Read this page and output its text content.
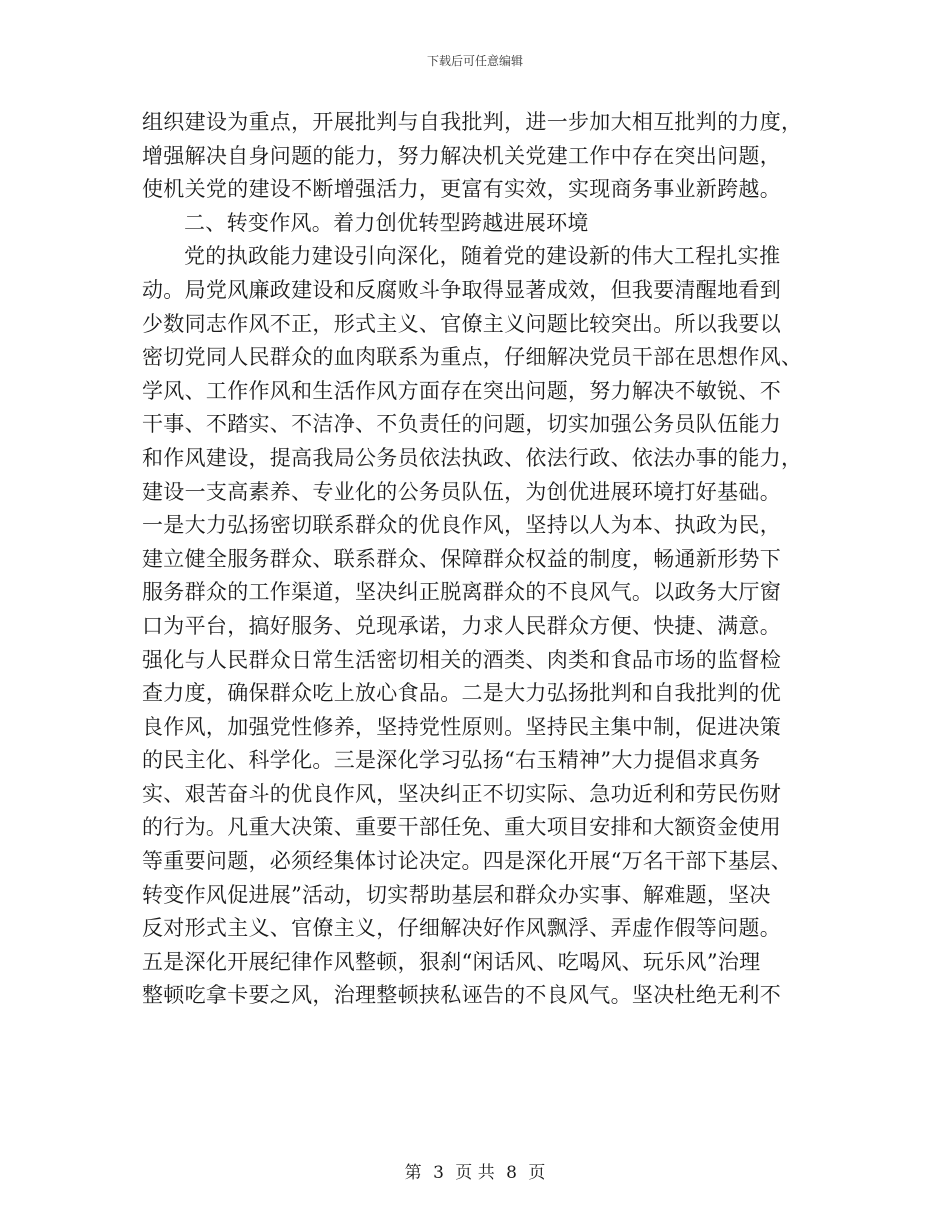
下载后可任意编辑
组织建设为重点，开展批判与自我批判，进一步加大相互批判的力度，
增强解决自身问题的能力，努力解决机关党建工作中存在突出问题，
使机关党的建设不断增强活力，更富有实效，实现商务事业新跨越。
二、转变作风。着力创优转型跨越进展环境
党的执政能力建设引向深化，随着党的建设新的伟大工程扎实推
动。局党风廉政建设和反腐败斗争取得显著成效，但我要清醒地看到
少数同志作风不正，形式主义、官僚主义问题比较突出。所以我要以
密切党同人民群众的血肉联系为重点，仔细解决党员干部在思想作风、
学风、工作作风和生活作风方面存在突出问题，努力解决不敏锐、不
干事、不踏实、不洁净、不负责任的问题，切实加强公务员队伍能力
和作风建设，提高我局公务员依法执政、依法行政、依法办事的能力，
建设一支高素养、专业化的公务员队伍，为创优进展环境打好基础。
一是大力弘扬密切联系群众的优良作风，坚持以人为本、执政为民，
建立健全服务群众、联系群众、保障群众权益的制度，畅通新形势下
服务群众的工作渠道，坚决纠正脱离群众的不良风气。以政务大厅窗
口为平台，搞好服务、兑现承诺，力求人民群众方便、快捷、满意。
强化与人民群众日常生活密切相关的酒类、肉类和食品市场的监督检
查力度，确保群众吃上放心食品。二是大力弘扬批判和自我批判的优
良作风，加强党性修养，坚持党性原则。坚持民主集中制，促进决策
的民主化、科学化。三是深化学习弘扬“右玉精神”大力提倡求真务
实、艰苦奋斗的优良作风，坚决纠正不切实际、急功近利和劳民伤财
的行为。凡重大决策、重要干部任免、重大项目安排和大额资金使用
等重要问题，必须经集体讨论决定。四是深化开展“万名干部下基层、
转变作风促进展”活动，切实帮助基层和群众办实事、解难题，坚决
反对形式主义、官僚主义，仔细解决好作风飘浮、弄虚作假等问题。
五是深化开展纪律作风整顿，狠刹“闲话风、吃喝风、玩乐风”治理
整顿吃拿卡要之风，治理整顿挟私诬告的不良风气。坚决杜绝无利不
第 3 页 共 8 页
